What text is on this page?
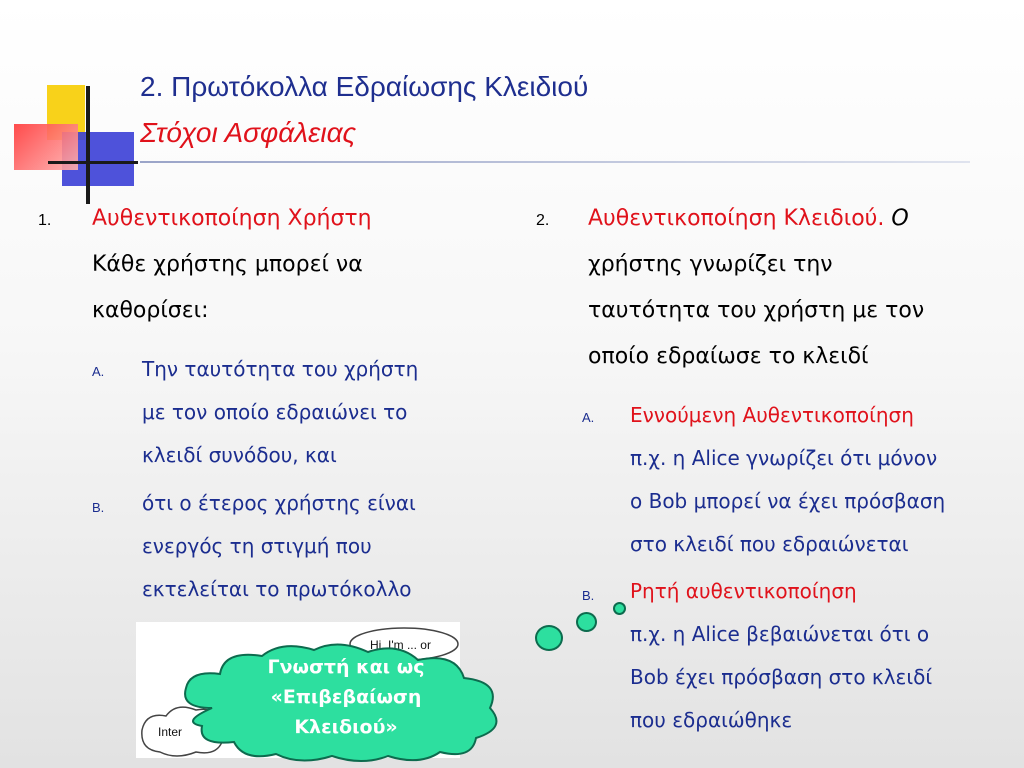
2. Πρωτόκολλα Εδραίωσης Κλειδιού
Στόχοι Ασφάλειας
1. Αυθεντικοποίηση Χρήστη
Κάθε χρήστης μπορεί να
καθορίσει:
A. Την ταυτότητα του χρήστη
με τον οποίο εδραιώνει το
κλειδί συνόδου, και
B. ότι ο έτερος χρήστης είναι
ενεργός τη στιγμή που
εκτελείται το πρωτόκολλο
2. Αυθεντικοποίηση Κλειδιού. Ο
χρήστης γνωρίζει την
ταυτότητα του χρήστη με τον
οποίο εδραίωσε το κλειδί
A. Εννούμενη Αυθεντικοποίηση
π.χ. η Alice γνωρίζει ότι μόνον
ο Bob μπορεί να έχει πρόσβαση
στο κλειδί που εδραιώνεται
B. Ρητή αυθεντικοποίηση
π.χ. η Alice βεβαιώνεται ότι ο
Bob έχει πρόσβαση στο κλειδί
που εδραιώθηκε
Hi, I'm ... or
Inter
Γνωστή και ως
«Επιβεβαίωση
Κλειδιού»
